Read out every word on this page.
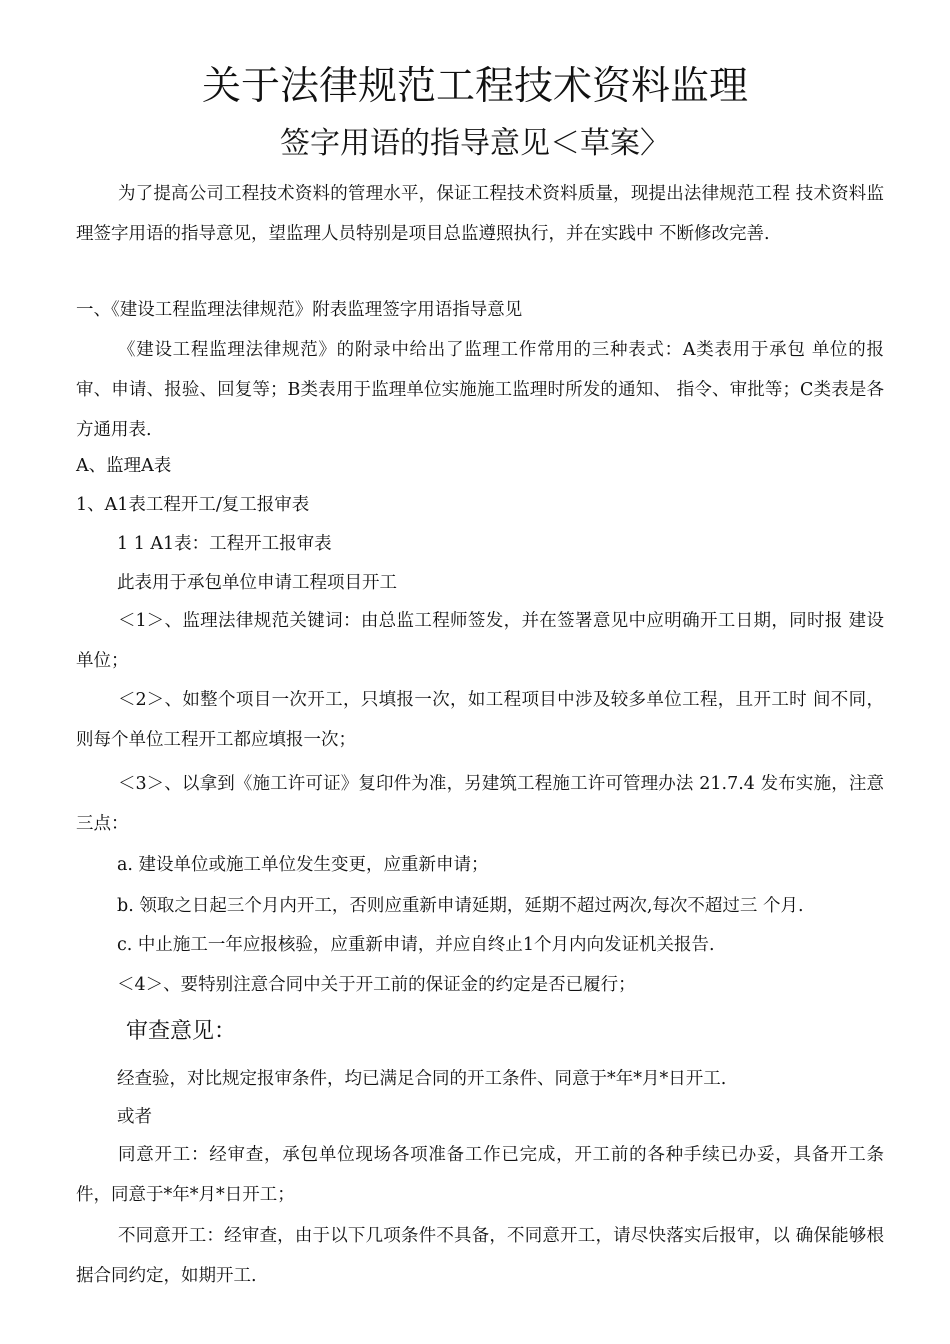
关于法律规范工程技术资料监理
签字用语的指导意见＜草案〉

为了提高公司工程技术资料的管理水平，保证工程技术资料质量，现提出法律规范工程 技术资料监理签字用语的指导意见，望监理人员特别是项目总监遵照执行，并在实践中 不断修改完善.

一、《建设工程监理法律规范》附表监理签字用语指导意见

《建设工程监理法律规范》的附录中给出了监理工作常用的三种表式：A类表用于承包 单位的报审、申请、报验、回复等；B类表用于监理单位实施施工监理时所发的通知、 指令、审批等；C类表是各方通用表.

A、监理A表

1、A1表工程开工/复工报审表

1 1 A1表：工程开工报审表

此表用于承包单位申请工程项目开工

＜1＞、监理法律规范关键词：由总监工程师签发，并在签署意见中应明确开工日期，同时报 建设单位；

＜2＞、如整个项目一次开工，只填报一次，如工程项目中涉及较多单位工程，且开工时 间不同，则每个单位工程开工都应填报一次；

＜3＞、以拿到《施工许可证》复印件为准，另建筑工程施工许可管理办法 21.7.4 发布实施，注意三点：

a. 建设单位或施工单位发生变更，应重新申请；

b. 领取之日起三个月内开工，否则应重新申请延期，延期不超过两次,每次不超过三 个月.

c. 中止施工一年应报核验，应重新申请，并应自终止1个月内向发证机关报告.

＜4＞、要特别注意合同中关于开工前的保证金的约定是否已履行；

审查意见：

经查验，对比规定报审条件，均已满足合同的开工条件、同意于*年*月*日开工.

或者

同意开工：经审查，承包单位现场各项准备工作已完成，开工前的各种手续已办妥，具备开工条件，同意于*年*月*日开工；

不同意开工：经审查，由于以下几项条件不具备，不同意开工，请尽快落实后报审，以 确保能够根据合同约定，如期开工.
